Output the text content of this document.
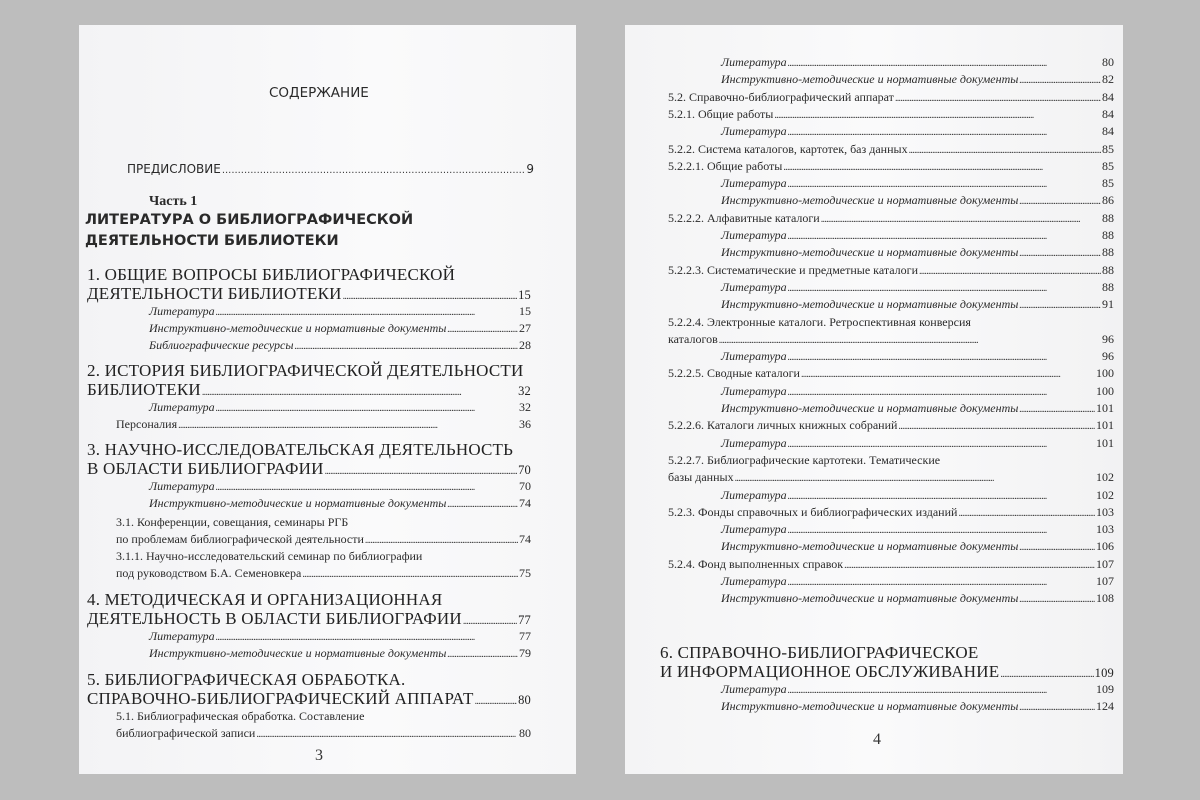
СОДЕРЖАНИЕ
ПРЕДИСЛОВИЕ . . .	9
Часть 1
ЛИТЕРАТУРА О БИБЛИОГРАФИЧЕСКОЙ
ДЕЯТЕЛЬНОСТИ БИБЛИОТЕКИ
1. ОБЩИЕ ВОПРОСЫ БИБЛИОГРАФИЧЕСКОЙ
ДЕЯТЕЛЬНОСТИ БИБЛИОТЕКИ . . .	15
Литература . . .	15
Инструктивно-методические и нормативные документы . . .	27
Библиографические ресурсы . . .	28
2. ИСТОРИЯ БИБЛИОГРАФИЧЕСКОЙ ДЕЯТЕЛЬНОСТИ
БИБЛИОТЕКИ . . .	32
Литература . . .	32
Персоналия . . .	36
3. НАУЧНО-ИССЛЕДОВАТЕЛЬСКАЯ ДЕЯТЕЛЬНОСТЬ
В ОБЛАСТИ БИБЛИОГРАФИИ . . .	70
Литература . . .	70
Инструктивно-методические и нормативные документы . . .	74
3.1. Конференции, совещания, семинары РГБ
по проблемам библиографической деятельности . . .	74
3.1.1. Научно-исследовательский семинар по библиографии
под руководством Б.А. Семеновкера . . .	75
4. МЕТОДИЧЕСКАЯ И ОРГАНИЗАЦИОННАЯ
ДЕЯТЕЛЬНОСТЬ В ОБЛАСТИ БИБЛИОГРАФИИ . . .	77
Литература . . .	77
Инструктивно-методические и нормативные документы . . .	79
5. БИБЛИОГРАФИЧЕСКАЯ ОБРАБОТКА.
СПРАВОЧНО-БИБЛИОГРАФИЧЕСКИЙ АППАРАТ . . .	80
5.1. Библиографическая обработка. Составление
библиографической записи . . .	80
3
Литература . . .	80
Инструктивно-методические и нормативные документы . . .	82
5.2. Справочно-библиографический аппарат . . .	84
5.2.1. Общие работы . . .	84
Литература . . .	84
5.2.2. Система каталогов, картотек, баз данных . . .	85
5.2.2.1. Общие работы . . .	85
Литература . . .	85
Инструктивно-методические и нормативные документы . . .	86
5.2.2.2. Алфавитные каталоги . . .	88
Литература . . .	88
Инструктивно-методические и нормативные документы . . .	88
5.2.2.3. Систематические и предметные каталоги . . .	88
Литература . . .	88
Инструктивно-методические и нормативные документы . . .	91
5.2.2.4. Электронные каталоги. Ретроспективная конверсия
каталогов . . .	96
Литература . . .	96
5.2.2.5. Сводные каталоги . . .	100
Литература . . .	100
Инструктивно-методические и нормативные документы . . .	101
5.2.2.6. Каталоги личных книжных собраний . . .	101
Литература . . .	101
5.2.2.7. Библиографические картотеки. Тематические
базы данных . . .	102
Литература . . .	102
5.2.3. Фонды справочных и библиографических изданий . . .	103
Литература . . .	103
Инструктивно-методические и нормативные документы . . .	106
5.2.4. Фонд выполненных справок . . .	107
Литература . . .	107
Инструктивно-методические и нормативные документы . . .	108
6. СПРАВОЧНО-БИБЛИОГРАФИЧЕСКОЕ
И ИНФОРМАЦИОННОЕ ОБСЛУЖИВАНИЕ . . .	109
Литература . . .	109
Инструктивно-методические и нормативные документы . . .	124
4
